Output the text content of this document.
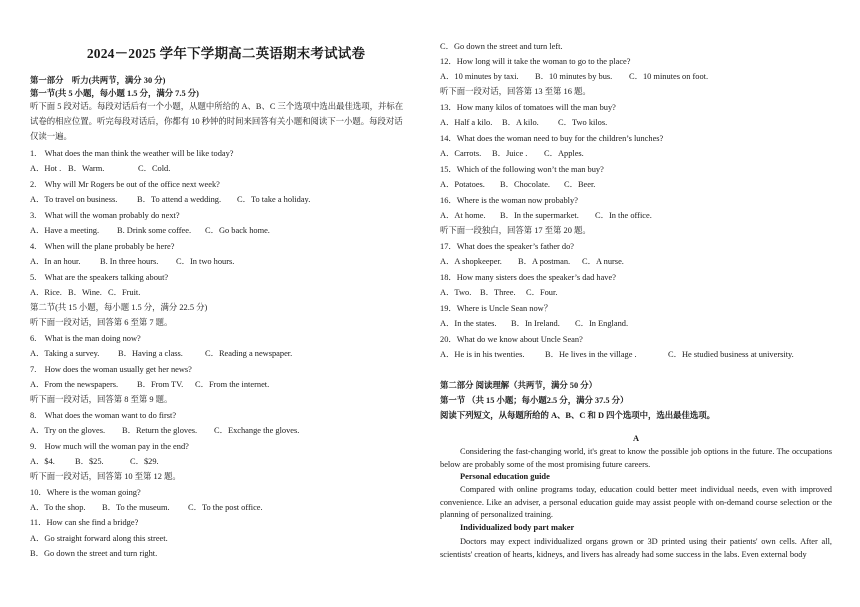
2024－2025 学年下学期高二英语期末考试试卷
第一部分　听力(共两节，满分 30 分)
第一节(共 5 小题，每小题 1.5 分，满分 7.5 分)
听下面 5 段对话。每段对话后有一个小题，从题中所给的 A、B、C 三个选项中选出最佳选项，并标在
试卷的相应位置。听完每段对话后，你都有 10 秒钟的时间来回答有关小题和阅读下一小题。每段对话
仅读一遍。
1.　What does the man think the weather will be like today?
A．Hot . B．Warm.	C．Cold.
2.　Why will Mr Rogers be out of the office next week?
A．To travel on business. B．To attend a wedding. C．To take a holiday.
3.　What will the woman probably do next?
A．Have a meeting. B. Drink some coffee. C．Go back home.
4.　When will the plane probably be here?
A．In an hour. B. In three hours. C．In two hours.
5.　What are the speakers talking about?
A．Rice. B．Wine. C．Fruit.
第二节(共 15 小题，每小题 1.5 分，满分 22.5 分)
听下面一段对话，回答第 6 至第 7 题。
6.　What is the man doing now?
A．Taking a survey. B．Having a class.	C．Reading a newspaper.
7.　How does the woman usually get her news?
A．From the newspapers. B．From TV. C．From the internet.
听下面一段对话，回答第 8 至第 9 题。
8.　What does the woman want to do first?
A．Try on the gloves. B．Return the gloves. C．Exchange the gloves.
9.　How much will the woman pay in the end?
A．$4. B．$25.	C．$29.
听下面一段对话，回答第 10 至第 12 题。
10．Where is the woman going?
A．To the shop. B．To the museum. C．To the post office.
11．How can she find a bridge?
A．Go straight forward along this street.
B．Go down the street and turn right.
C．Go down the street and turn left.
12．How long will it take the woman to go to the place?
A．10 minutes by taxi. B．10 minutes by bus. C．10 minutes on foot.
听下面一段对话，回答第 13 至第 16 题。
13．How many kilos of tomatoes will the man buy?
A．Half a kilo. B．A kilo. C．Two kilos.
14．What does the woman need to buy for the children’s lunches?
A．Carrots. B．Juice . C．Apples.
15．Which of the following won’t the man buy?
A．Potatoes. B．Chocolate. C．Beer.
16．Where is the woman now probably?
A．At home. B．In the supermarket. C．In the office.
听下面一段独白，回答第 17 至第 20 题。
17．What does the speaker’s father do?
A．A shopkeeper. B．A postman. C．A nurse.
18．How many sisters does the speaker’s dad have?
A．Two. B．Three. C．Four.
19．Where is Uncle Sean now？
A．In the states. B．In Ireland. C．In England.
20．What do we know about Uncle Sean?
A．He is in his twenties. B．He lives in the village .	C．He studied business at university.
第二部分 阅读理解（共两节，满分 50 分）
第一节 （共 15 小题；每小题2.5 分，满分 37.5 分）
阅读下列短文，从每题所给的 A、B、C 和 D 四个选项中，选出最佳选项。
A
Considering the fast-changing world, it's great to know the possible job options in the future. The occupations below are probably some of the most promising future careers.
Personal education guide
Compared with online programs today, education could better meet individual needs, even with improved convenience. Like an adviser, a personal education guide may assist people with on-demand course selection or the planning of personalized training.
Individualized body part maker
Doctors may expect individualized organs grown or 3D printed using their patients' own cells. After all, scientists' creation of hearts, kidneys, and livers has already had some success in the labs. Even external body
